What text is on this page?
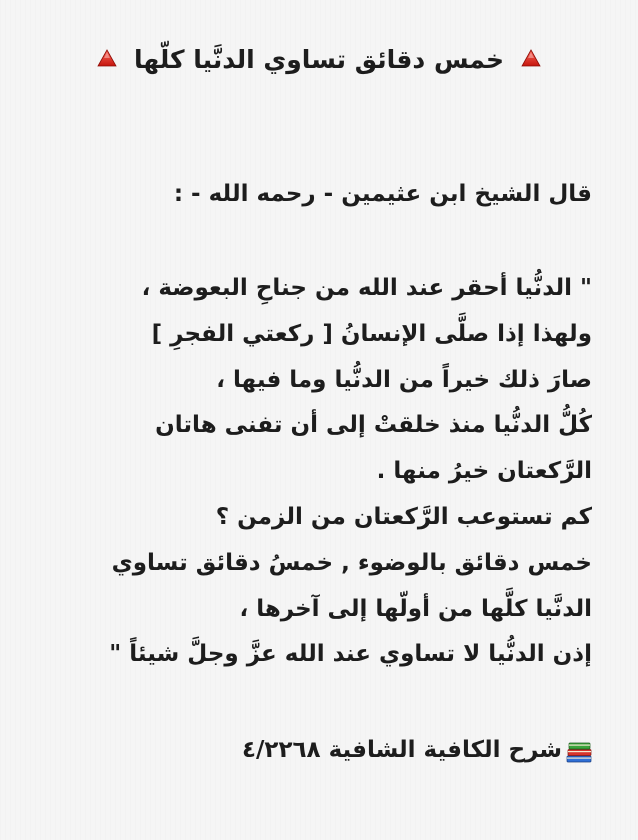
خمس دقائق تساوي الدنَّيا كلّها
قال الشيخ ابن عثيمين - رحمه الله - :
" الدنُّيا أحقر عند الله من جناحِ البعوضة ،
ولهذا إذا صلَّى الإنسانُ [ ركعتي الفجرِ ]
صارَ ذلك خيراً من الدنُّيا وما فيها ،
كُلُّ الدنُّيا منذ خلقتْ إلى أن تفنى هاتان
الرَّكعتان خيرُ منها .
كم تستوعب الرَّكعتان من الزمن ؟
خمس دقائق بالوضوء , خمسُ دقائق تساوي
الدنَّيا كلَّها من أولّها إلى آخرها ،
إذن الدنُّيا لا تساوي عند الله عزَّ وجلَّ شيئاً "
شرح الكافية الشافية ٤/٢٢٦٨
